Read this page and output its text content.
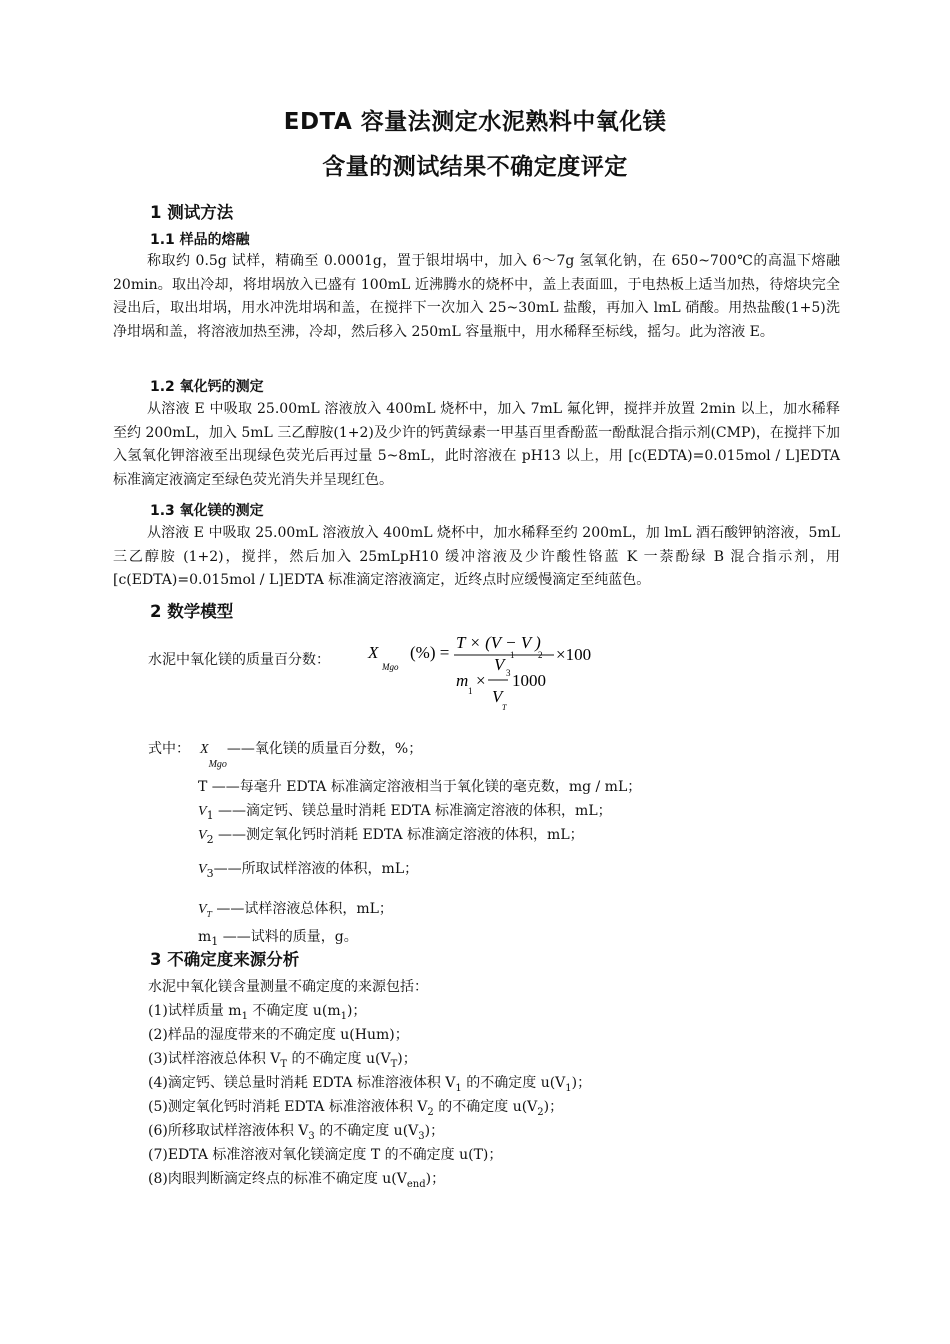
EDTA 容量法测定水泥熟料中氧化镁
含量的测试结果不确定度评定
1 测试方法
1.1 样品的熔融

称取约 0.5g 试样，精确至 0.0001g，置于银坩埚中，加入 6～7g 氢氧化钠，在 650~700℃的高温下熔融 20min。取出冷却，将坩埚放入已盛有 100mL 近沸腾水的烧杯中，盖上表面皿，于电热板上适当加热，待熔块完全浸出后，取出坩埚，用水冲洗坩埚和盖，在搅拌下一次加入 25~30mL 盐酸，再加入 lmL 硝酸。用热盐酸(1+5)洗净坩埚和盖，将溶液加热至沸，冷却，然后移入 250mL 容量瓶中，用水稀释至标线，摇匀。此为溶液 E。

1.2 氧化钙的测定

从溶液 E 中吸取 25.00mL 溶液放入 400mL 烧杯中，加入 7mL 氟化钾，搅拌并放置 2min 以上，加水稀释至约 200mL，加入 5mL 三乙醇胺(1+2)及少许的钙黄绿素一甲基百里香酚蓝一酚酞混合指示剂(CMP)，在搅拌下加入氢氧化钾溶液至出现绿色荧光后再过量 5~8mL，此时溶液在 pH13 以上，用 [c(EDTA)=0.015mol / L]EDTA 标准滴定液滴定至绿色荧光消失并呈现红色。

1.3 氧化镁的测定

从溶液 E 中吸取 25.00mL 溶液放入 400mL 烧杯中，加水稀释至约 200mL，加 lmL 酒石酸钾钠溶液，5mL 三乙醇胺 (1+2)，搅拌，然后加入 25mLpH10 缓冲溶液及少许酸性铬蓝 K 一萘酚绿 B 混合指示剂，用 [c(EDTA)=0.015mol / L]EDTA 标准滴定溶液滴定，近终点时应缓慢滴定至纯蓝色。

2 数学模型
水泥中氧化镁的质量百分数： X
Mgo
(%) =
T × (V − V )
1	2
V 3
×100
m
1
× 1000
V
T
式中： $X_{Mgo}——$氧化镁的质量百分数，%；
T ——每毫升 EDTA 标准滴定溶液相当于氧化镁的毫克数，mg / mL；
$V_1$ ——滴定钙、镁总量时消耗 EDTA 标准滴定溶液的体积，mL；
$V_2$ ——测定氧化钙时消耗 EDTA 标准滴定溶液的体积，mL；
$V_3——$所取试样溶液的体积，mL；
$V_T$ ——试样溶液总体积，mL；
$m_1$ ——试料的质量，g。
3 不确定度来源分析
水泥中氧化镁含量测量不确定度的来源包括：
(1)试样质量 $m_1$ 不确定度 $u(m_1)$；
(2)样品的湿度带来的不确定度 u(Hum)；
(3)试样溶液总体积 $V_T$ 的不确定度 $u(V_T)$；
(4)滴定钙、镁总量时消耗 EDTA 标准溶液体积 $V_1$ 的不确定度 $u(V_1)$；
(5)测定氧化钙时消耗 EDTA 标准溶液体积 $V_2$ 的不确定度 $u(V_2)$；
(6)所移取试样溶液体积 $V_3$ 的不确定度 $u(V_3)$；
(7)EDTA 标准溶液对氧化镁滴定度 T 的不确定度 u(T)；
(8)肉眼判断滴定终点的标准不确定度 $u(V_{end})$；
